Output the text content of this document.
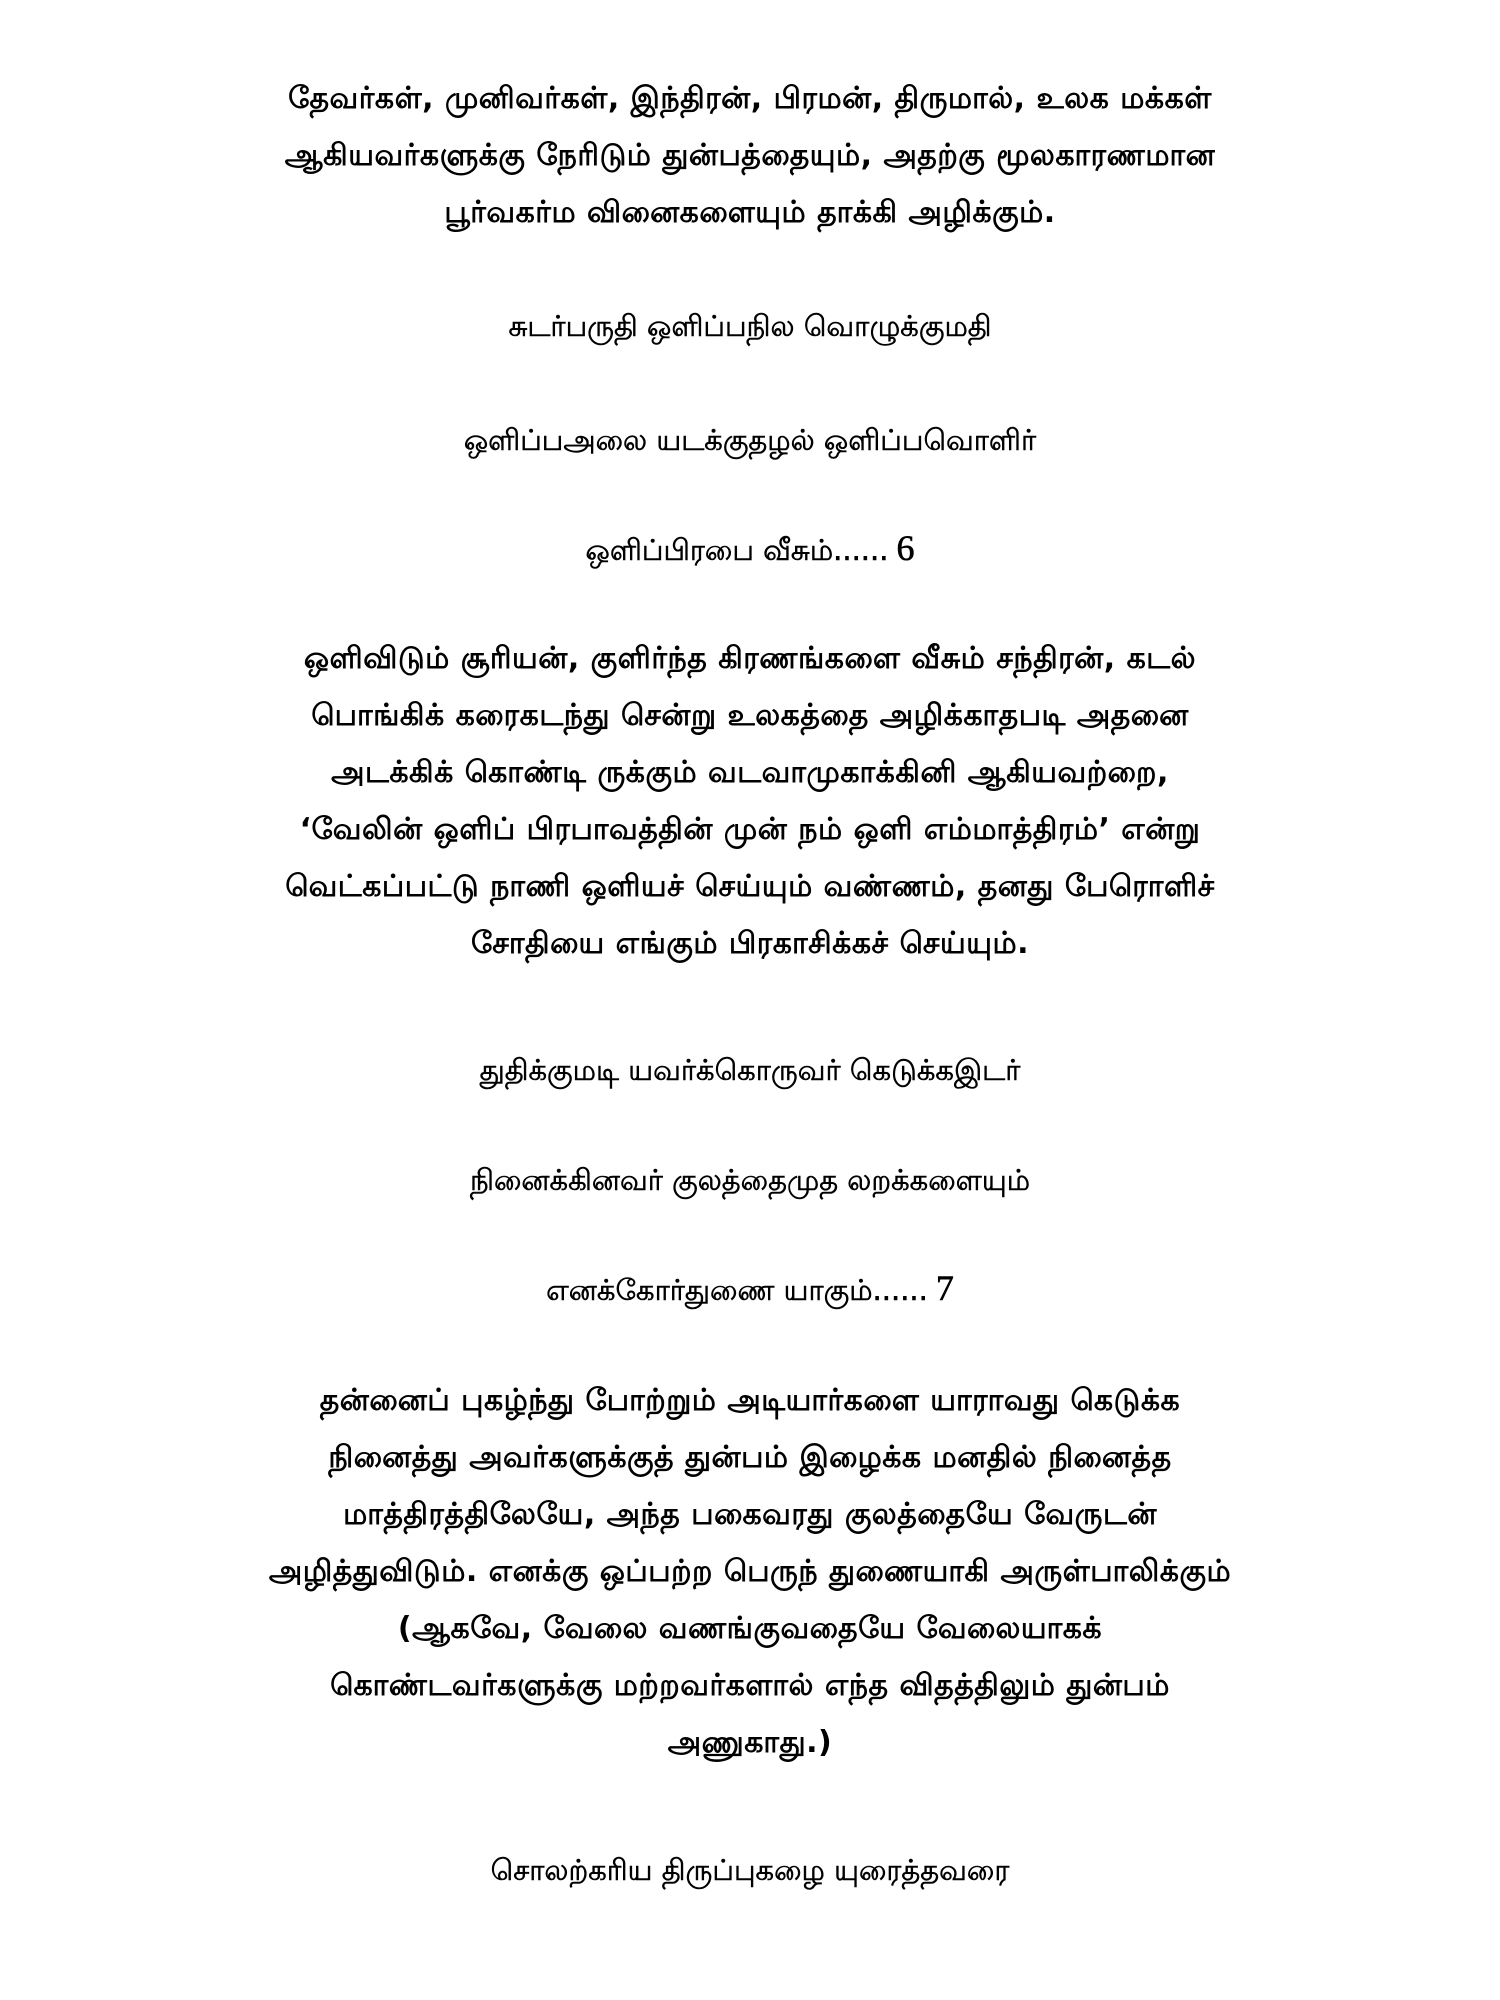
தேவர்கள், முனிவர்கள், இந்திரன், பிரமன், திருமால், உலக மக்கள்
ஆகியவர்களுக்கு நேரிடும் துன்பத்தையும், அதற்கு மூலகாரணமான
பூர்வகர்ம வினைகளையும் தாக்கி அழிக்கும்.
சுடர்பருதி ஒளிப்பநில வொழுக்குமதி
ஒளிப்பஅலை யடக்குதழல் ஒளிப்பவொளிர்
ஒளிப்பிரபை வீசும்...... 6
ஒளிவிடும் சூரியன், குளிர்ந்த கிரணங்களை வீசும் சந்திரன், கடல்
பொங்கிக் கரைகடந்து சென்று உலகத்தை அழிக்காதபடி அதனை
அடக்கிக் கொண்டி ருக்கும் வடவாமுகாக்கினி ஆகியவற்றை,
‘வேலின் ஒளிப் பிரபாவத்தின் முன் நம் ஒளி எம்மாத்திரம்’ என்று
வெட்கப்பட்டு நாணி ஒளியச் செய்யும் வண்ணம், தனது பேரொளிச்
சோதியை எங்கும் பிரகாசிக்கச் செய்யும்.
துதிக்குமடி யவர்க்கொருவர் கெடுக்கஇடர்
நினைக்கினவர் குலத்தைமுத லறக்களையும்
எனக்கோர்துணை யாகும்...... 7
தன்னைப் புகழ்ந்து போற்றும் அடியார்களை யாராவது கெடுக்க
நினைத்து அவர்களுக்குத் துன்பம் இழைக்க மனதில் நினைத்த
மாத்திரத்திலேயே, அந்த பகைவரது குலத்தையே வேருடன்
அழித்துவிடும். எனக்கு ஒப்பற்ற பெருந் துணையாகி அருள்பாலிக்கும்
(ஆகவே, வேலை வணங்குவதையே வேலையாகக்
கொண்டவர்களுக்கு மற்றவர்களால் எந்த விதத்திலும் துன்பம்
அணுகாது.)
சொலற்கரிய திருப்புகழை யுரைத்தவரை
